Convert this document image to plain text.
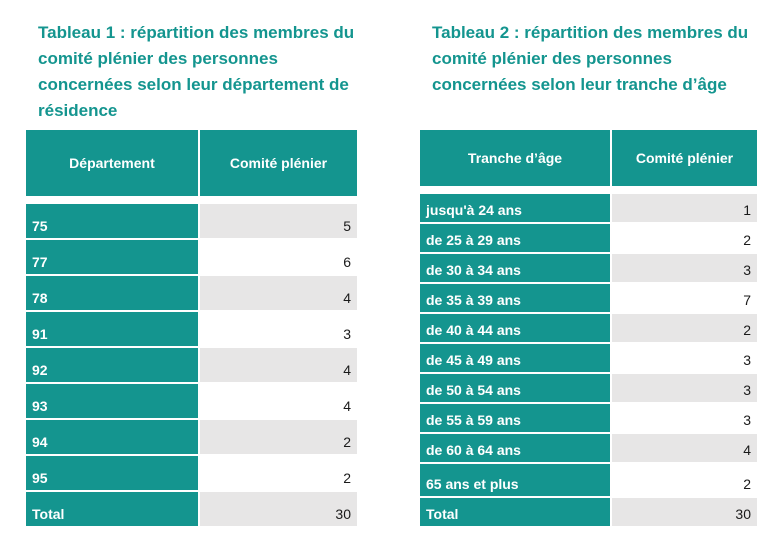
Tableau 1 : répartition des membres du comité plénier des personnes concernées selon leur département de résidence

Département	Comité plénier
75	5
77	6
78	4
91	3
92	4
93	4
94	2
95	2
Total	30

Tableau 2 : répartition des membres du comité plénier des personnes concernées selon leur tranche d’âge

Tranche d’âge	Comité plénier
jusqu'à 24 ans	1
de 25 à 29 ans	2
de 30 à 34 ans	3
de 35 à 39 ans	7
de 40 à 44 ans	2
de 45 à 49 ans	3
de 50 à 54 ans	3
de 55 à 59 ans	3
de 60 à 64 ans	4
65 ans et plus	2
Total	30
